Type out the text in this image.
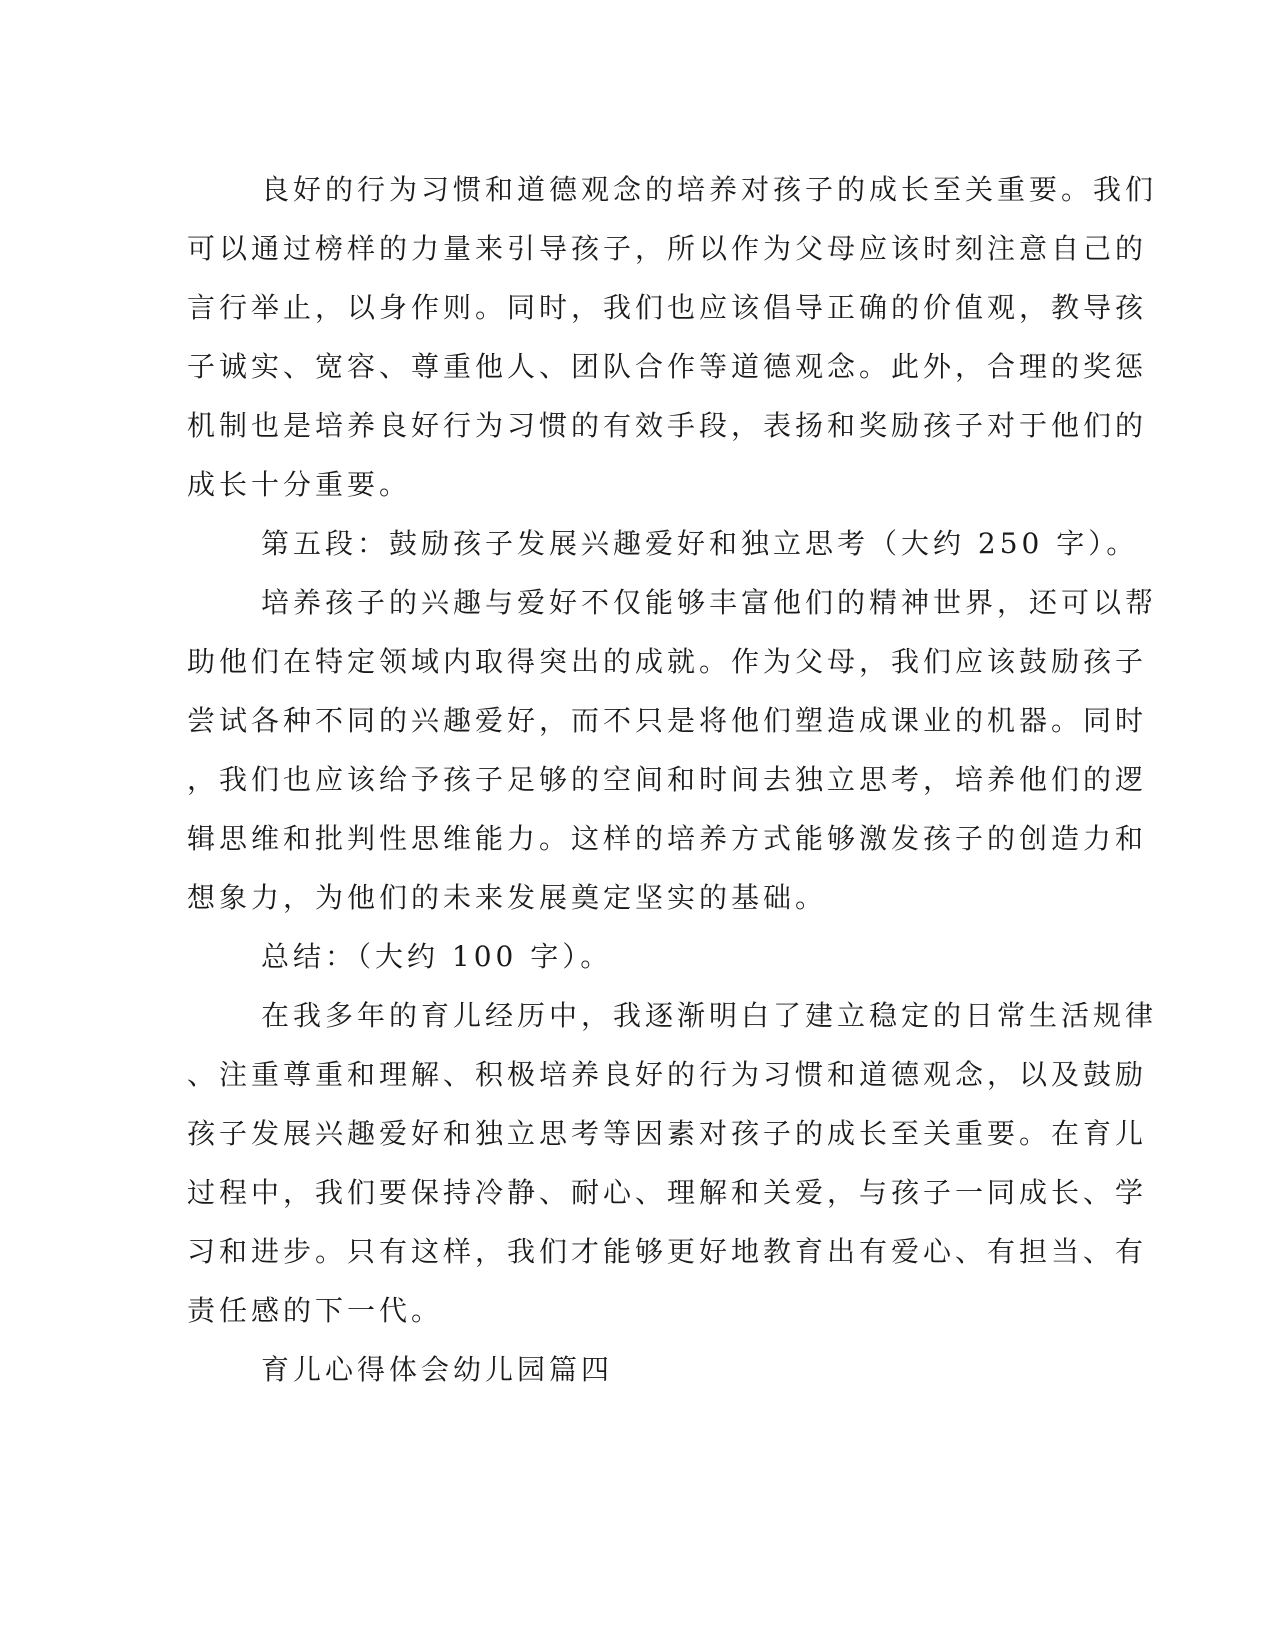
良好的行为习惯和道德观念的培养对孩子的成长至关重要。我们
可以通过榜样的力量来引导孩子，所以作为父母应该时刻注意自己的
言行举止，以身作则。同时，我们也应该倡导正确的价值观，教导孩
子诚实、宽容、尊重他人、团队合作等道德观念。此外，合理的奖惩
机制也是培养良好行为习惯的有效手段，表扬和奖励孩子对于他们的
成长十分重要。
第五段：鼓励孩子发展兴趣爱好和独立思考（大约 250 字）。
培养孩子的兴趣与爱好不仅能够丰富他们的精神世界，还可以帮
助他们在特定领域内取得突出的成就。作为父母，我们应该鼓励孩子
尝试各种不同的兴趣爱好，而不只是将他们塑造成课业的机器。同时
，我们也应该给予孩子足够的空间和时间去独立思考，培养他们的逻
辑思维和批判性思维能力。这样的培养方式能够激发孩子的创造力和
想象力，为他们的未来发展奠定坚实的基础。
总结：（大约 100 字）。
在我多年的育儿经历中，我逐渐明白了建立稳定的日常生活规律
、注重尊重和理解、积极培养良好的行为习惯和道德观念，以及鼓励
孩子发展兴趣爱好和独立思考等因素对孩子的成长至关重要。在育儿
过程中，我们要保持冷静、耐心、理解和关爱，与孩子一同成长、学
习和进步。只有这样，我们才能够更好地教育出有爱心、有担当、有
责任感的下一代。
育儿心得体会幼儿园篇四
